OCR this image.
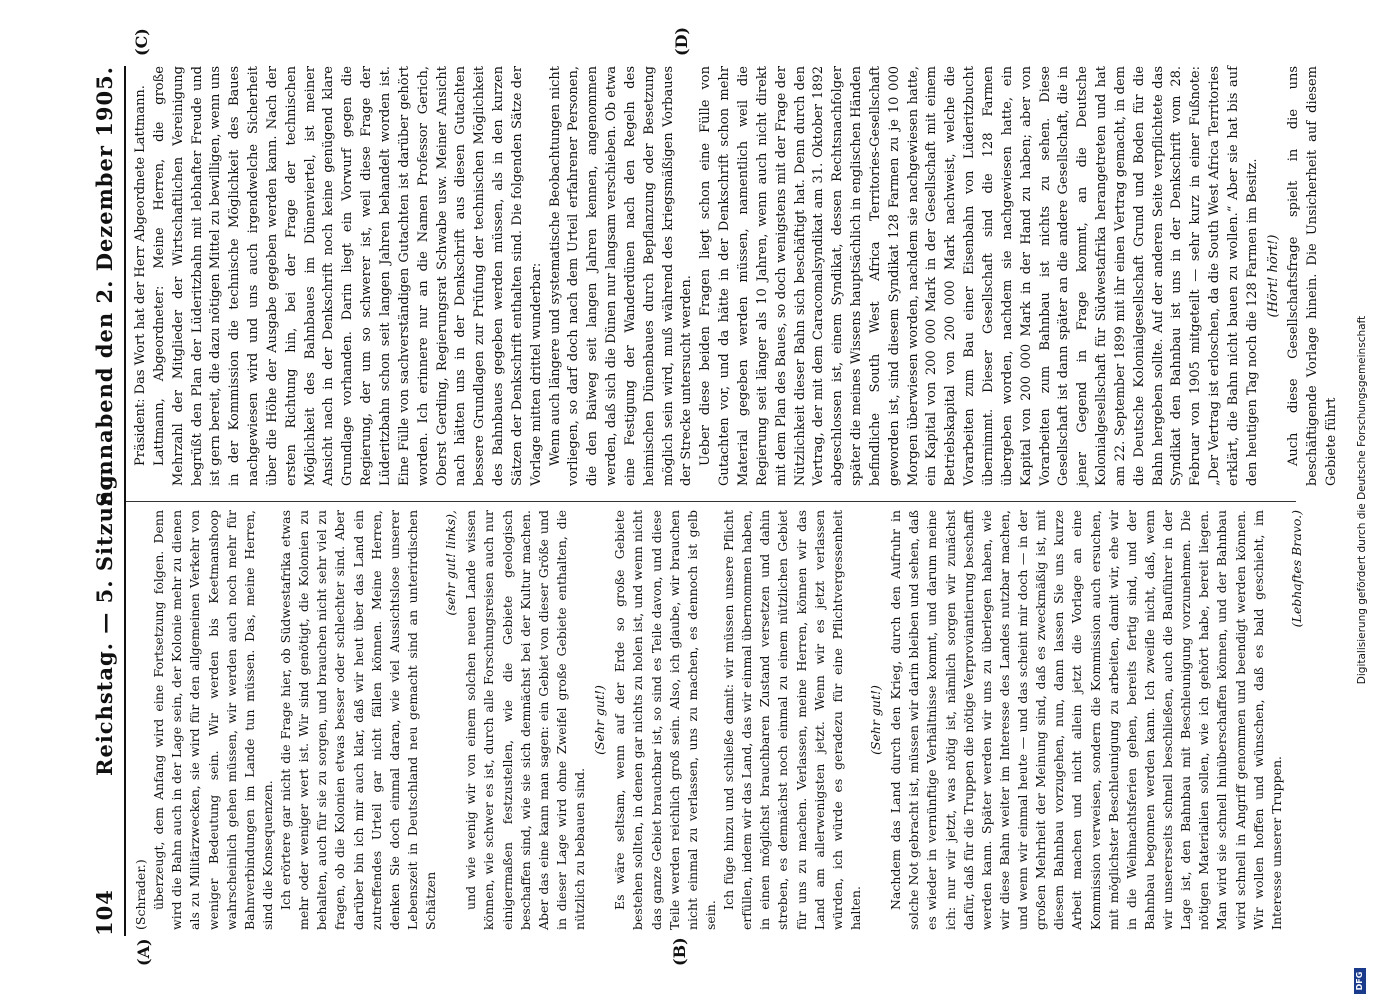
104
Reichstag. — 5. Sitzung.
Sonnabend den 2. Dezember 1905.
(A)	(B)
(C)	(D)

(Schrader.) überzeugt, dem Anfang wird eine Fortsetzung folgen. Denn wird die Bahn auch in der Lage sein, der Kolonie mehr zu dienen als zu Militärzwecken, sie wird für den allgemeinen Verkehr von weniger Bedeutung sein. Wir werden bis Keetmanshoop wahrscheinlich gehen müssen, wir werden auch noch mehr für Bahnverbindungen im Lande tun müssen. Das, meine Herren, sind die Konsequenzen. Ich erörtere gar nicht die Frage hier, ob Südwestafrika etwas mehr oder weniger wert ist. Wir sind genötigt, die Kolonien zu behalten, auch für sie zu sorgen, und brauchen nicht sehr viel zu fragen, ob die Kolonien etwas besser oder schlechter sind. Aber darüber bin ich mir auch klar, daß wir heut über das Land ein zutreffendes Urteil gar nicht fällen können. Meine Herren, denken Sie doch einmal daran, wie viel Aussichtslose unserer Lebenszeit in Deutschland neu gemacht sind an unterirdischen Schätzen

(sehr gut! links), und wie wenig wir von einem solchen neuen Lande wissen können, wie schwer es ist, durch alle Forschungsreisen auch nur einigermaßen festzustellen, wie die Gebiete geologisch beschaffen sind, wie sie sich demnächst bei der Kultur machen. Aber das eine kann man sagen: ein Gebiet von dieser Größe und in dieser Lage wird ohne Zweifel große Gebiete enthalten, die nützlich zu bebauen sind.

(Sehr gut!) Es wäre seltsam, wenn auf der Erde so große Gebiete bestehen sollten, in denen gar nichts zu holen ist, und wenn nicht das ganze Gebiet brauchbar ist, so sind es Teile davon, und diese Teile werden reichlich groß sein. Also, ich glaube, wir brauchen nicht einmal zu verlassen, uns zu machen, es dennoch ist gelb sein.

Ich füge hinzu und schließe damit: wir müssen unsere Pflicht erfüllen, indem wir das Land, das wir einmal übernommen haben, in einen möglichst brauchbaren Zustand versetzen und dahin streben, es demnächst noch einmal zu einem nützlichen Gebiet für uns zu machen. Verlassen, meine Herren, können wir das Land am allerwenigsten jetzt. Wenn wir es jetzt verlassen würden, ich würde es geradezu für eine Pflichtvergessenheit halten.

(Sehr gut!) Nachdem das Land durch den Krieg, durch den Aufruhr in solche Not gebracht ist, müssen wir darin bleiben und sehen, daß es wieder in vernünftige Verhältnisse kommt, und darum meine ich: nur wir jetzt, was nötig ist, nämlich sorgen wir zunächst dafür, daß für die Truppen die nötige Verproviantierung beschafft werden kann. Später werden wir uns zu überlegen haben, wie wir diese Bahn weiter im Interesse des Landes nutzbar machen, und wenn wir einmal heute — und das scheint mir doch — in der großen Mehrheit der Meinung sind, daß es zweckmäßig ist, mit diesem Bahnbau vorzugehen, nun, dann lassen Sie uns kurze Arbeit machen und nicht allein jetzt die Vorlage an eine Kommission verweisen, sondern die Kommission auch ersuchen, mit möglichster Beschleunigung zu arbeiten, damit wir, ehe wir in die Weihnachtsferien gehen, bereits fertig sind, und der Bahnbau begonnen werden kann. Ich zweifle nicht, daß, wenn wir unsererseits schnell beschließen, auch die Bauführer in der Lage ist, den Bahnbau mit Beschleunigung vorzunehmen. Die nötigen Materialien sollen, wie ich gehört habe, bereit liegen. Man wird sie schnell hinüberschaffen können, und der Bahnbau wird schnell in Angriff genommen und beendigt werden können. Wir wollen hoffen und wünschen, daß es bald geschieht, im Interesse unserer Truppen.

(Lebhaftes Bravo.)

Präsident: Das Wort hat der Herr Abgeordnete Lattmann. Lattmann, Abgeordneter: Meine Herren, die große Mehrzahl der Mitglieder der Wirtschaftlichen Vereinigung begrüßt den Plan der Lüderitzbahn mit lebhafter Freude und ist gern bereit, die dazu nötigen Mittel zu bewilligen, wenn uns in der Kommission die technische Möglichkeit des Baues nachgewiesen wird und uns auch irgendwelche Sicherheit über die Höhe der Ausgabe gegeben werden kann. Nach der ersten Richtung hin, bei der Frage der technischen Möglichkeit des Bahnbaues im Dünenviertel, ist meiner Ansicht nach in der Denkschrift noch keine genügend klare Grundlage vorhanden. Darin liegt ein Vorwurf gegen die Regierung, der um so schwerer ist, weil diese Frage der Lüderitzbahn schon seit langen Jahren behandelt worden ist. Eine Fülle von sachverständigen Gutachten ist darüber gehört worden. Ich erinnere nur an die Namen Professor Gerich, Oberst Gerding, Regierungsrat Schwabe usw. Meiner Ansicht nach hätten uns in der Denkschrift aus diesen Gutachten bessere Grundlagen zur Prüfung der technischen Möglichkeit des Bahnbaues gegeben werden müssen, als in den kurzen Sätzen der Denkschrift enthalten sind. Die folgenden Sätze der Vorlage mitten drittel wunderbar: Wenn auch längere und systematische Beobachtungen nicht vorliegen, so darf doch nach dem Urteil erfahrener Personen, die den Baiweg seit langen Jahren kennen, angenommen werden, daß sich die Dünen nur langsam verschieben. Ob etwa eine Festigung der Wanderdünen nach den Regeln des heimischen Dünenbaues durch Bepflanzung oder Besetzung möglich sein wird, muß während des kriegsmäßigen Vorbaues der Strecke untersucht werden. Ueber diese beiden Fragen liegt schon eine Fülle von Gutachten vor, und da hätte in der Denkschrift schon mehr Material gegeben werden müssen, namentlich weil die Regierung seit länger als 10 Jahren, wenn auch nicht direkt mit dem Plan des Baues, so doch wenigstens mit der Frage der Nützlichkeit dieser Bahn sich beschäftigt hat. Denn durch den Vertrag, der mit dem Caracomalsyndikat am 31. Oktober 1892 abgeschlossen ist, einem Syndikat, dessen Rechtsnachfolger später die meines Wissens hauptsächlich in englischen Händen befindliche South West Africa Territories-Gesellschaft geworden ist, sind diesem Syndikat 128 Farmen zu je 10 000 Morgen überwiesen worden, nachdem sie nachgewiesen hatte, ein Kapital von 200 000 Mark in der Gesellschaft mit einem Betriebskapital von 200 000 Mark nachweist, welche die Vorarbeiten zum Bau einer Eisenbahn von Lüderitzbucht übernimmt. Dieser Gesellschaft sind die 128 Farmen übergeben worden, nachdem sie nachgewiesen hatte, ein Kapital von 200 000 Mark in der Hand zu haben; aber von Vorarbeiten zum Bahnbau ist nichts zu sehen. Diese Gesellschaft ist dann später an die andere Gesellschaft, die in jener Gegend in Frage kommt, an die Deutsche Kolonialgesellschaft für Südwestafrika herangetreten und hat am 22. September 1899 mit ihr einen Vertrag gemacht, in dem die Deutsche Kolonialgesellschaft Grund und Boden für die Bahn hergeben sollte. Auf der anderen Seite verpflichtete das Syndikat den Bahnbau ist uns in der Denkschrift vom 28. Februar von 1905 mitgeteilt — sehr kurz in einer Fußnote: „Der Vertrag ist erloschen, da die South West Africa Territories erklärt, die Bahn nicht bauen zu wollen.“ Aber sie hat bis auf den heutigen Tag noch die 128 Farmen im Besitz. (Hört! hört!) Auch diese Gesellschaftsfrage spielt in die uns beschäftigende Vorlage hinein. Die Unsicherheit auf diesem Gebiete führt

DFG
Digitalisierung gefördert durch die Deutsche Forschungsgemeinschaft
